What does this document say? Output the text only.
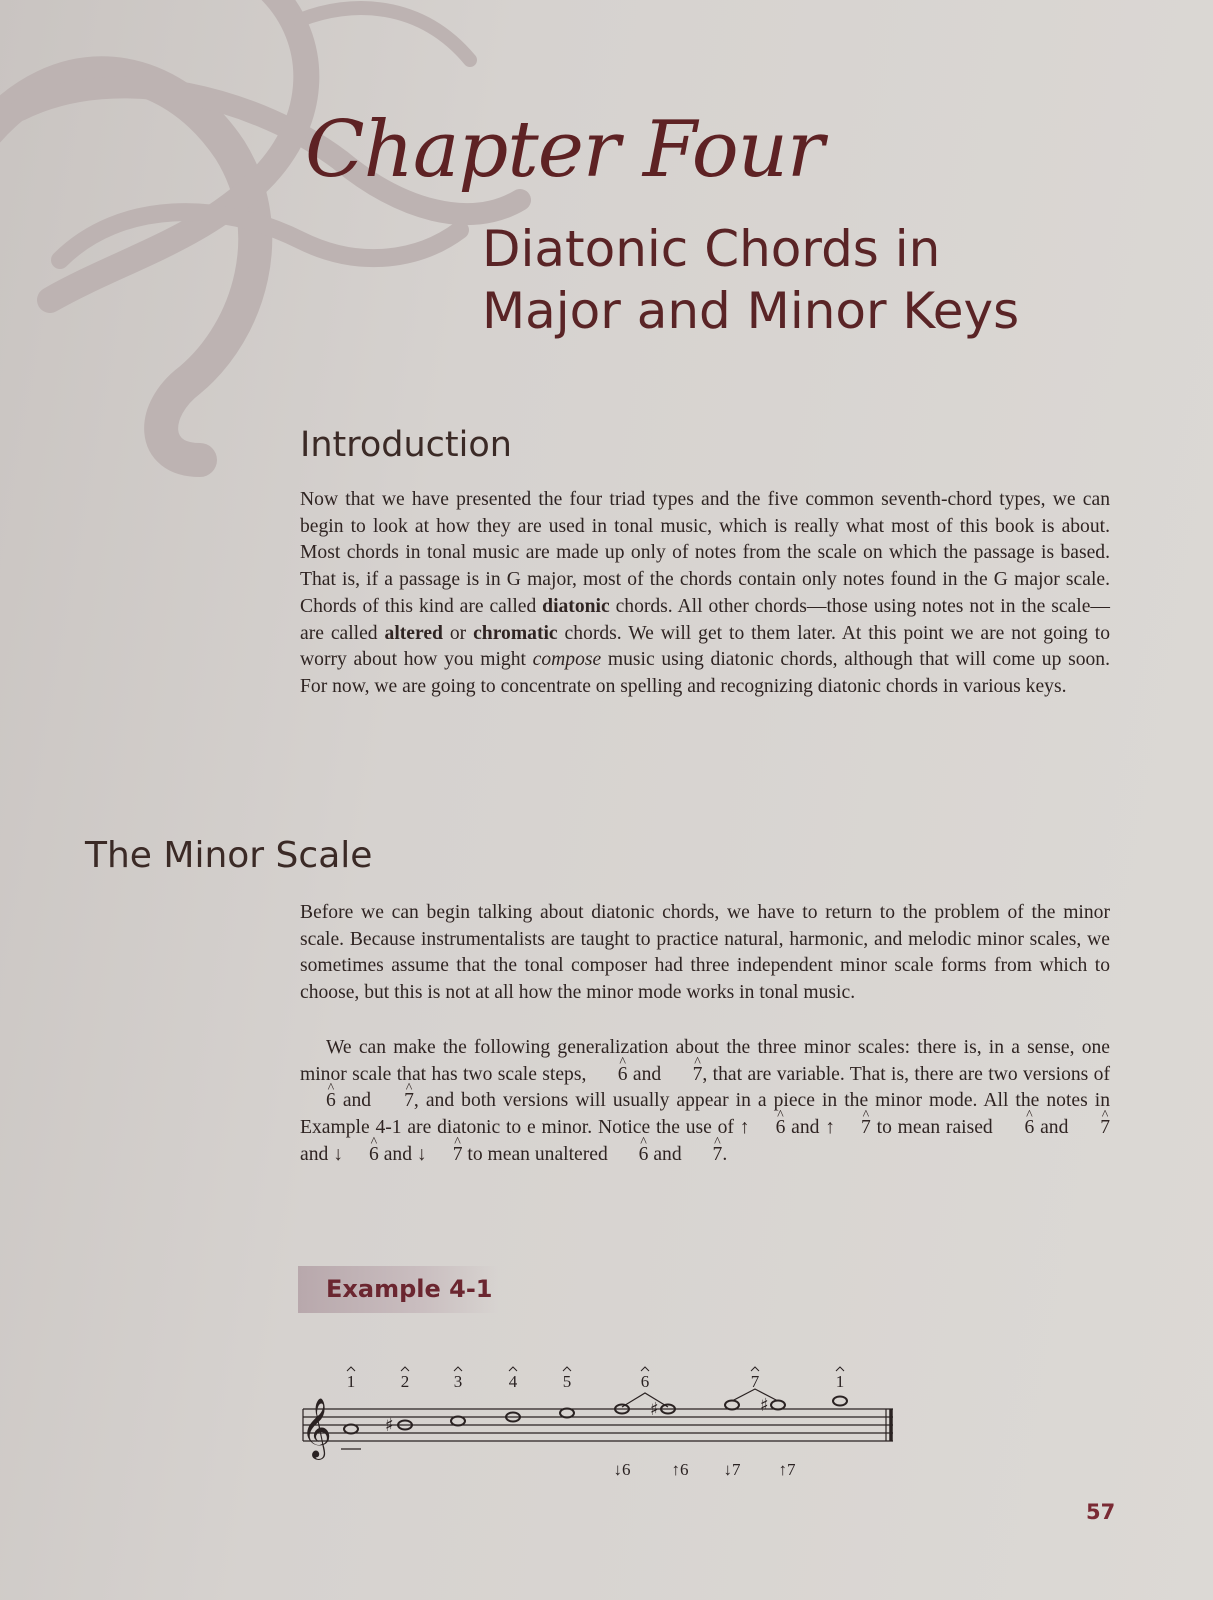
Chapter Four
Diatonic Chords in
Major and Minor Keys
Introduction

Now that we have presented the four triad types and the five common seventh-chord types, we can begin to look at how they are used in tonal music, which is really what most of this book is about. Most chords in tonal music are made up only of notes from the scale on which the passage is based. That is, if a passage is in G major, most of the chords contain only notes found in the G major scale. Chords of this kind are called diatonic chords. All other chords—those using notes not in the scale—are called altered or chromatic chords. We will get to them later. At this point we are not going to worry about how you might compose music using diatonic chords, although that will come up soon. For now, we are going to concentrate on spelling and recognizing diatonic chords in various keys.

The Minor Scale

Before we can begin talking about diatonic chords, we have to return to the problem of the minor scale. Because instrumentalists are taught to practice natural, harmonic, and melodic minor scales, we sometimes assume that the tonal composer had three independent minor scale forms from which to choose, but this is not at all how the minor mode works in tonal music.

We can make the following generalization about the three minor scales: there is, in a sense, one minor scale that has two scale steps, ^ 6 and ^ 7, that are variable. That is, there are two versions of ^ 6 and ^ 7, and both versions will usually appear in a piece in the minor mode. All the notes in Example 4-1 are diatonic to e minor. Notice the use of ↑ ^ 6 and ↑ ^ 7 to mean raised ^ 6 and ^ 7 and ↓ ^ 6 and ↓ ^ 7 to mean unaltered ^ 6 and ^ 7.

Example 4-1
1	2	3	4	5	6	7	1
𝄞	♯
♯	♯
↓6 ↑6 ↓7 ↑7
57
